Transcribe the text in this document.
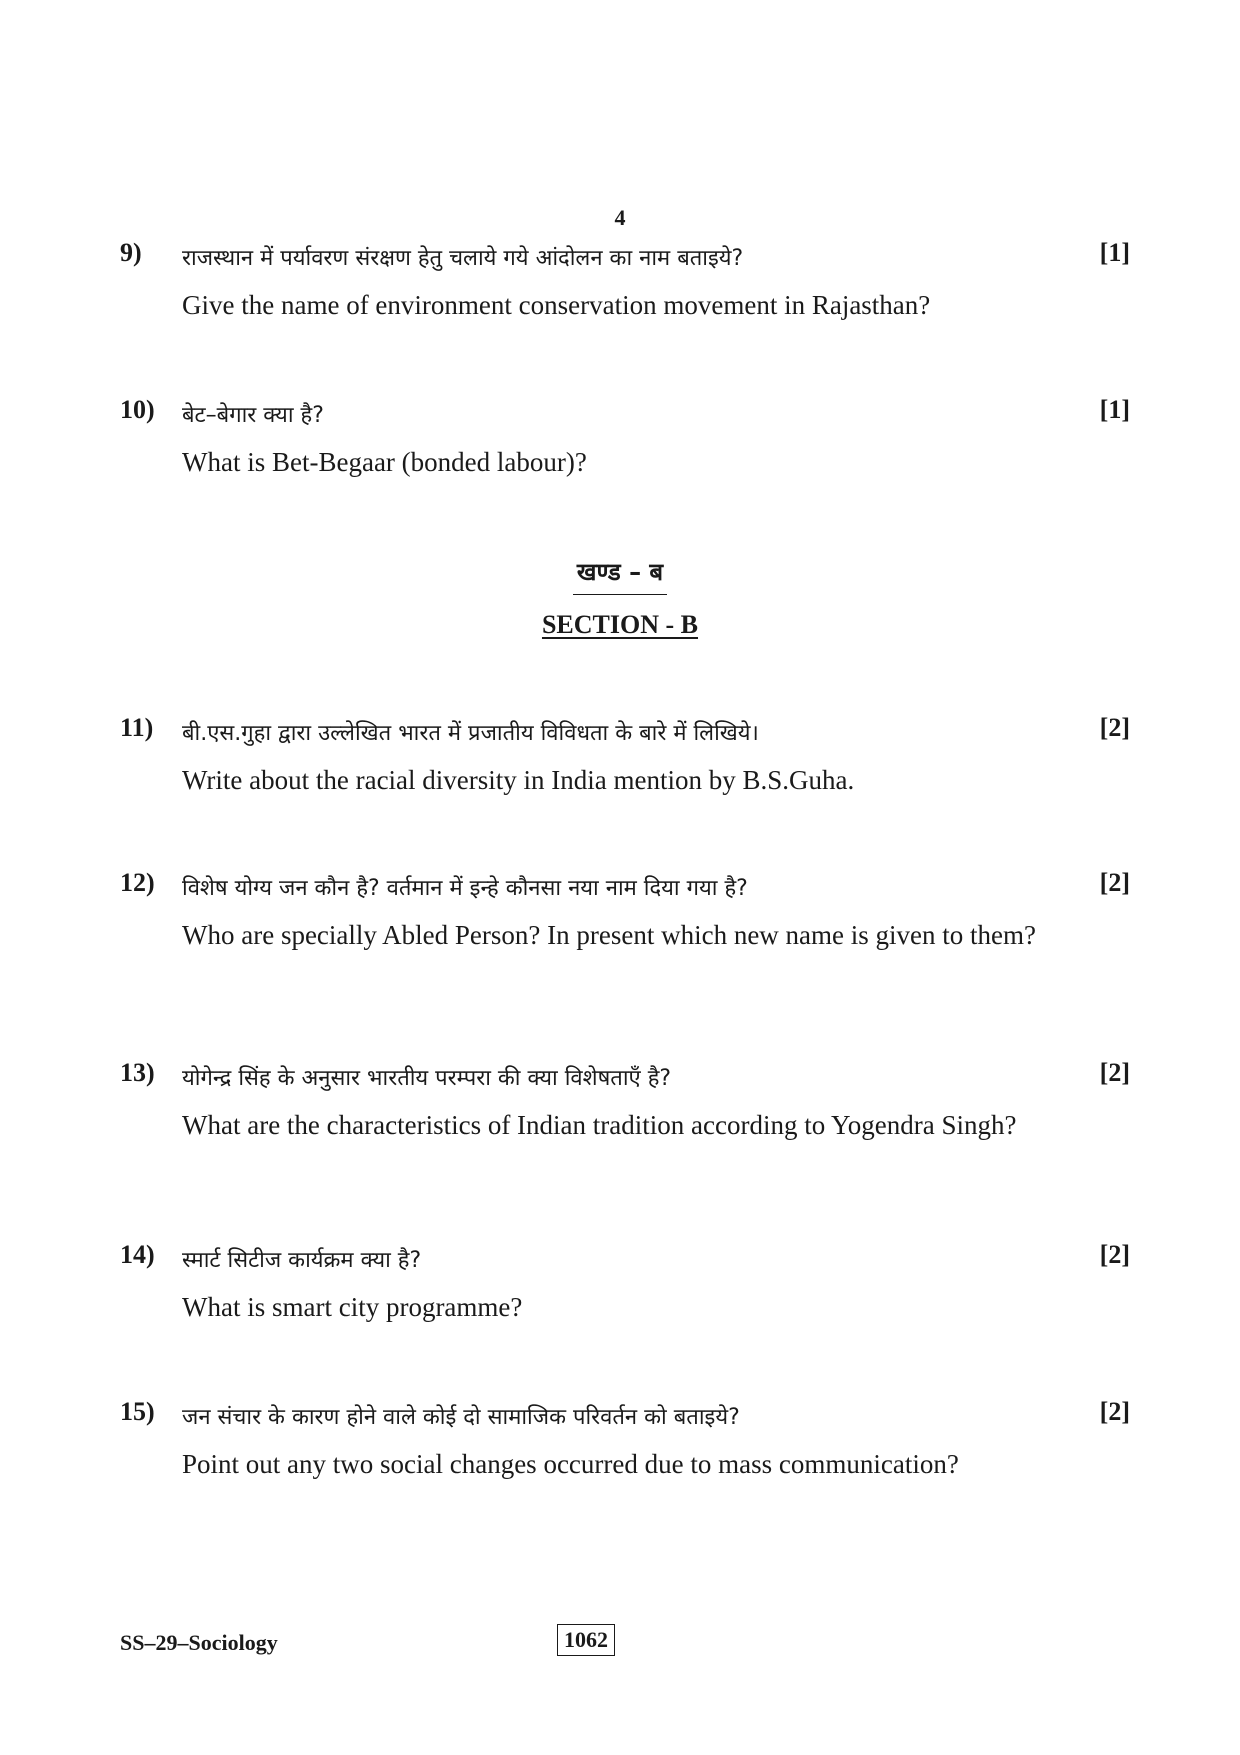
4
9) राजस्थान में पर्यावरण संरक्षण हेतु चलाये गये आंदोलन का नाम बताइये?	[1]
Give the name of environment conservation movement in Rajasthan?
10) बेट–बेगार क्या है?	[1]
What is Bet-Begaar (bonded labour)?
खण्ड – ब
SECTION - B
11) बी.एस.गुहा द्वारा उल्लेखित भारत में प्रजातीय विविधता के बारे में लिखिये।	[2]
Write about the racial diversity in India mention by B.S.Guha.
12) विशेष योग्य जन कौन है? वर्तमान में इन्हे कौनसा नया नाम दिया गया है?	[2]
Who are specially Abled Person? In present which new name is given to them?
13) योगेन्द्र सिंह के अनुसार भारतीय परम्परा की क्या विशेषताएँ है?	[2]
What are the characteristics of Indian tradition according to Yogendra Singh?
14) स्मार्ट सिटीज कार्यक्रम क्या है?	[2]
What is smart city programme?
15) जन संचार के कारण होने वाले कोई दो सामाजिक परिवर्तन को बताइये?	[2]
Point out any two social changes occurred due to mass communication?
SS–29–Sociology	1062
